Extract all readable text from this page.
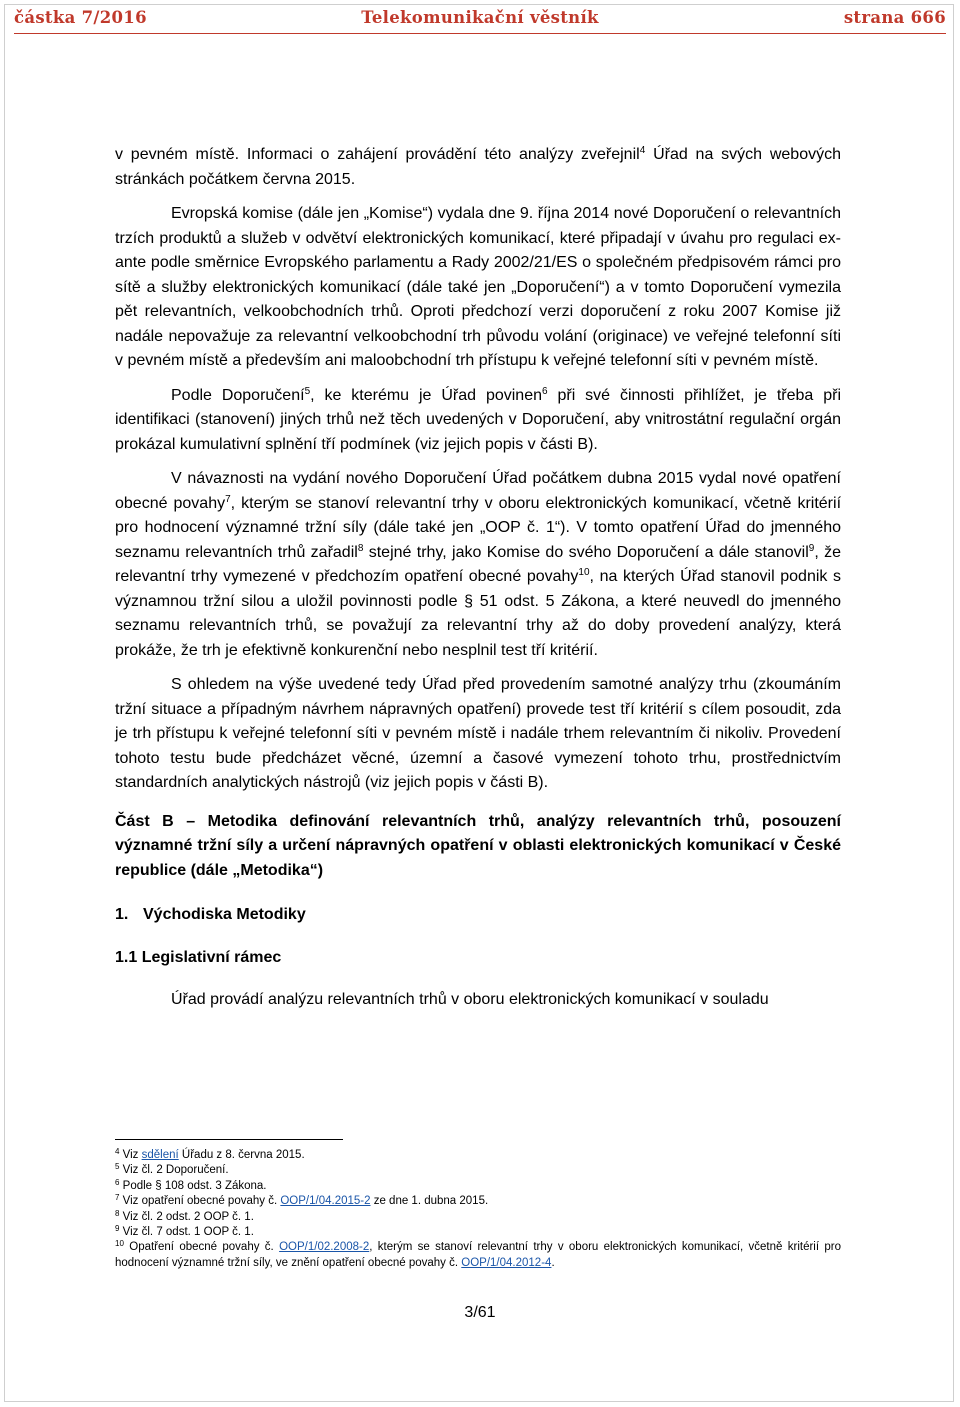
částka 7/2016	Telekomunikační věstník	strana 666

v pevném místě. Informaci o zahájení provádění této analýzy zveřejnil$^4$ Úřad na svých webových stránkách počátkem června 2015.

Evropská komise (dále jen „Komise“) vydala dne 9. října 2014 nové Doporučení o relevantních trzích produktů a služeb v odvětví elektronických komunikací, které připadají v úvahu pro regulaci ex-ante podle směrnice Evropského parlamentu a Rady 2002/21/ES o společném předpisovém rámci pro sítě a služby elektronických komunikací (dále také jen „Doporučení“) a v tomto Doporučení vymezila pět relevantních, velkoobchodních trhů. Oproti předchozí verzi doporučení z roku 2007 Komise již nadále nepovažuje za relevantní velkoobchodní trh původu volání (originace) ve veřejné telefonní síti v pevném místě a především ani maloobchodní trh přístupu k veřejné telefonní síti v pevném místě.

Podle Doporučení$^5$, ke kterému je Úřad povinen$^6$ při své činnosti přihlížet, je třeba při identifikaci (stanovení) jiných trhů než těch uvedených v Doporučení, aby vnitrostátní regulační orgán prokázal kumulativní splnění tří podmínek (viz jejich popis v části B).

V návaznosti na vydání nového Doporučení Úřad počátkem dubna 2015 vydal nové opatření obecné povahy$^7$, kterým se stanoví relevantní trhy v oboru elektronických komunikací, včetně kritérií pro hodnocení významné tržní síly (dále také jen „OOP č. 1“). V tomto opatření Úřad do jmenného seznamu relevantních trhů zařadil$^8$ stejné trhy, jako Komise do svého Doporučení a dále stanovil$^9$, že relevantní trhy vymezené v předchozím opatření obecné povahy$^{10}$, na kterých Úřad stanovil podnik s významnou tržní silou a uložil povinnosti podle § 51 odst. 5 Zákona, a které neuvedl do jmenného seznamu relevantních trhů, se považují za relevantní trhy až do doby provedení analýzy, která prokáže, že trh je efektivně konkurenční nebo nesplnil test tří kritérií.

S ohledem na výše uvedené tedy Úřad před provedením samotné analýzy trhu (zkoumáním tržní situace a případným návrhem nápravných opatření) provede test tří kritérií s cílem posoudit, zda je trh přístupu k veřejné telefonní síti v pevném místě i nadále trhem relevantním či nikoliv. Provedení tohoto testu bude předcházet věcné, územní a časové vymezení tohoto trhu, prostřednictvím standardních analytických nástrojů (viz jejich popis v části B).

Část B – Metodika definování relevantních trhů, analýzy relevantních trhů, posouzení významné tržní síly a určení nápravných opatření v oblasti elektronických komunikací v České republice (dále „Metodika“)

1. Východiska Metodiky

1.1 Legislativní rámec

Úřad provádí analýzu relevantních trhů v oboru elektronických komunikací v souladu

$^4$ Viz sdělení Úřadu z 8. června 2015.
$^5$ Viz čl. 2 Doporučení.
$^6$ Podle § 108 odst. 3 Zákona.
$^7$ Viz opatření obecné povahy č. OOP/1/04.2015-2 ze dne 1. dubna 2015.
$^8$ Viz čl. 2 odst. 2 OOP č. 1.
$^9$ Viz čl. 7 odst. 1 OOP č. 1.
$^{10}$ Opatření obecné povahy č. OOP/1/02.2008-2, kterým se stanoví relevantní trhy v oboru elektronických komunikací, včetně kritérií pro hodnocení významné tržní síly, ve znění opatření obecné povahy č. OOP/1/04.2012-4.
3/61
